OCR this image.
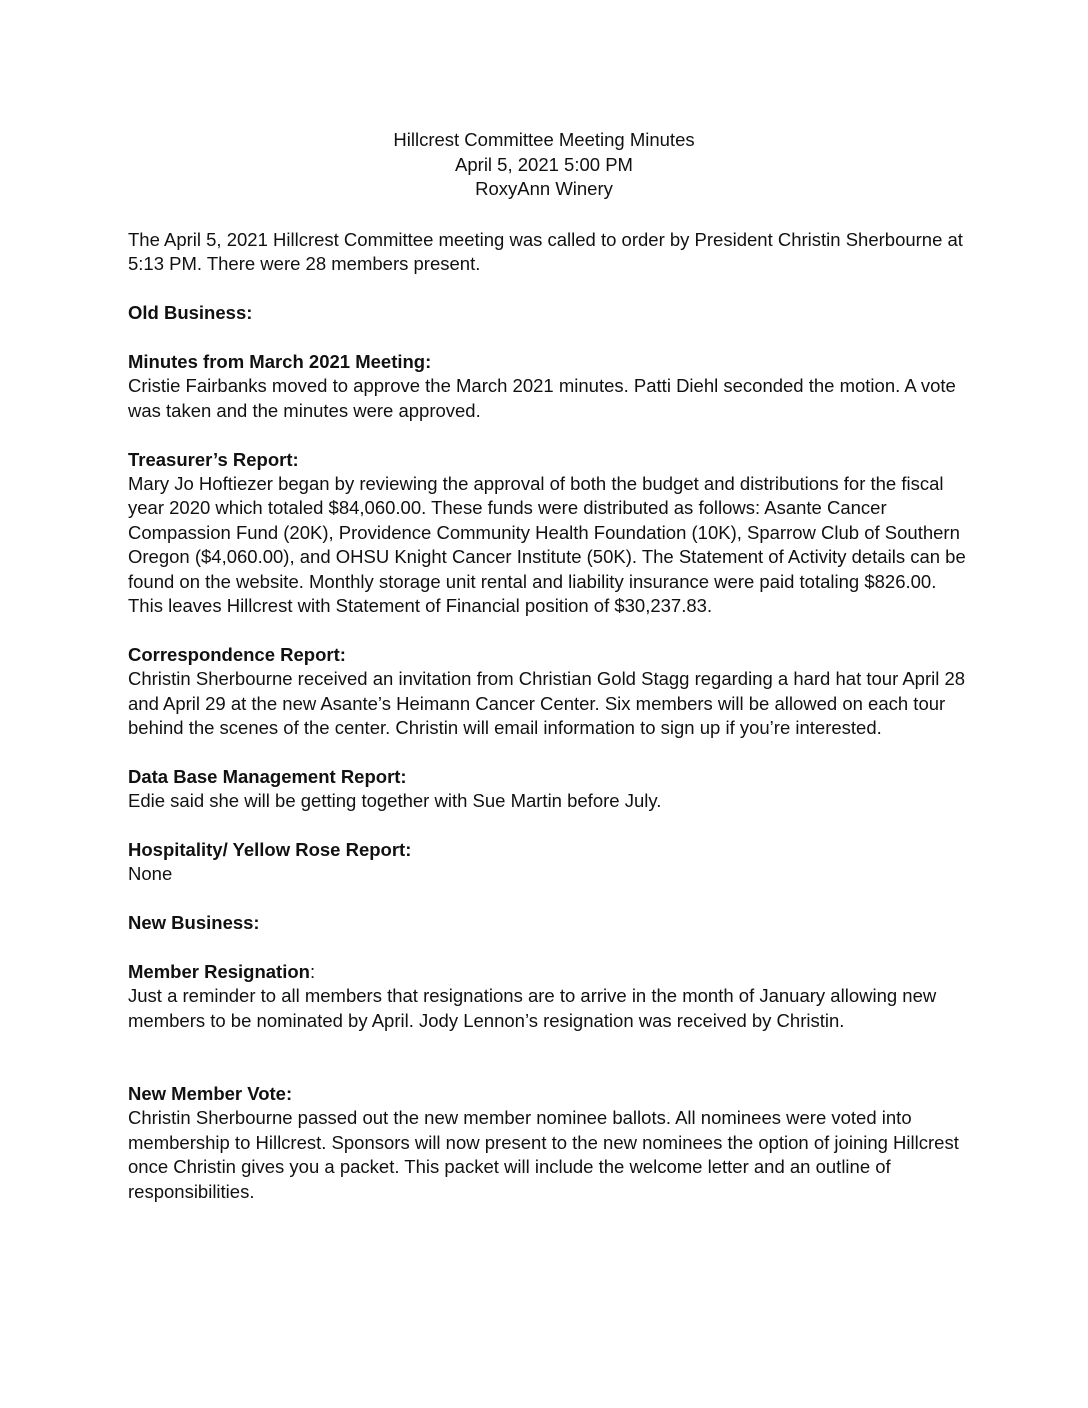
Hillcrest Committee Meeting Minutes
April 5, 2021 5:00 PM
RoxyAnn Winery

The April 5, 2021 Hillcrest Committee meeting was called to order by President Christin Sherbourne at 5:13 PM. There were 28 members present.

Old Business:

Minutes from March 2021 Meeting:

Cristie Fairbanks moved to approve the March 2021 minutes. Patti Diehl seconded the motion. A vote was taken and the minutes were approved.

Treasurer’s Report:

Mary Jo Hoftiezer began by reviewing the approval of both the budget and distributions for the fiscal year 2020 which totaled $84,060.00. These funds were distributed as follows: Asante Cancer Compassion Fund (20K), Providence Community Health Foundation (10K), Sparrow Club of Southern Oregon ($4,060.00), and OHSU Knight Cancer Institute (50K). The Statement of Activity details can be found on the website. Monthly storage unit rental and liability insurance were paid totaling $826.00. This leaves Hillcrest with Statement of Financial position of $30,237.83.

Correspondence Report:

Christin Sherbourne received an invitation from Christian Gold Stagg regarding a hard hat tour April 28 and April 29 at the new Asante’s Heimann Cancer Center. Six members will be allowed on each tour behind the scenes of the center. Christin will email information to sign up if you’re interested.

Data Base Management Report:

Edie said she will be getting together with Sue Martin before July.

Hospitality/ Yellow Rose Report:

None

New Business:

Member Resignation:

Just a reminder to all members that resignations are to arrive in the month of January allowing new members to be nominated by April. Jody Lennon’s resignation was received by Christin.

New Member Vote:

Christin Sherbourne passed out the new member nominee ballots. All nominees were voted into membership to Hillcrest. Sponsors will now present to the new nominees the option of joining Hillcrest once Christin gives you a packet. This packet will include the welcome letter and an outline of responsibilities.
